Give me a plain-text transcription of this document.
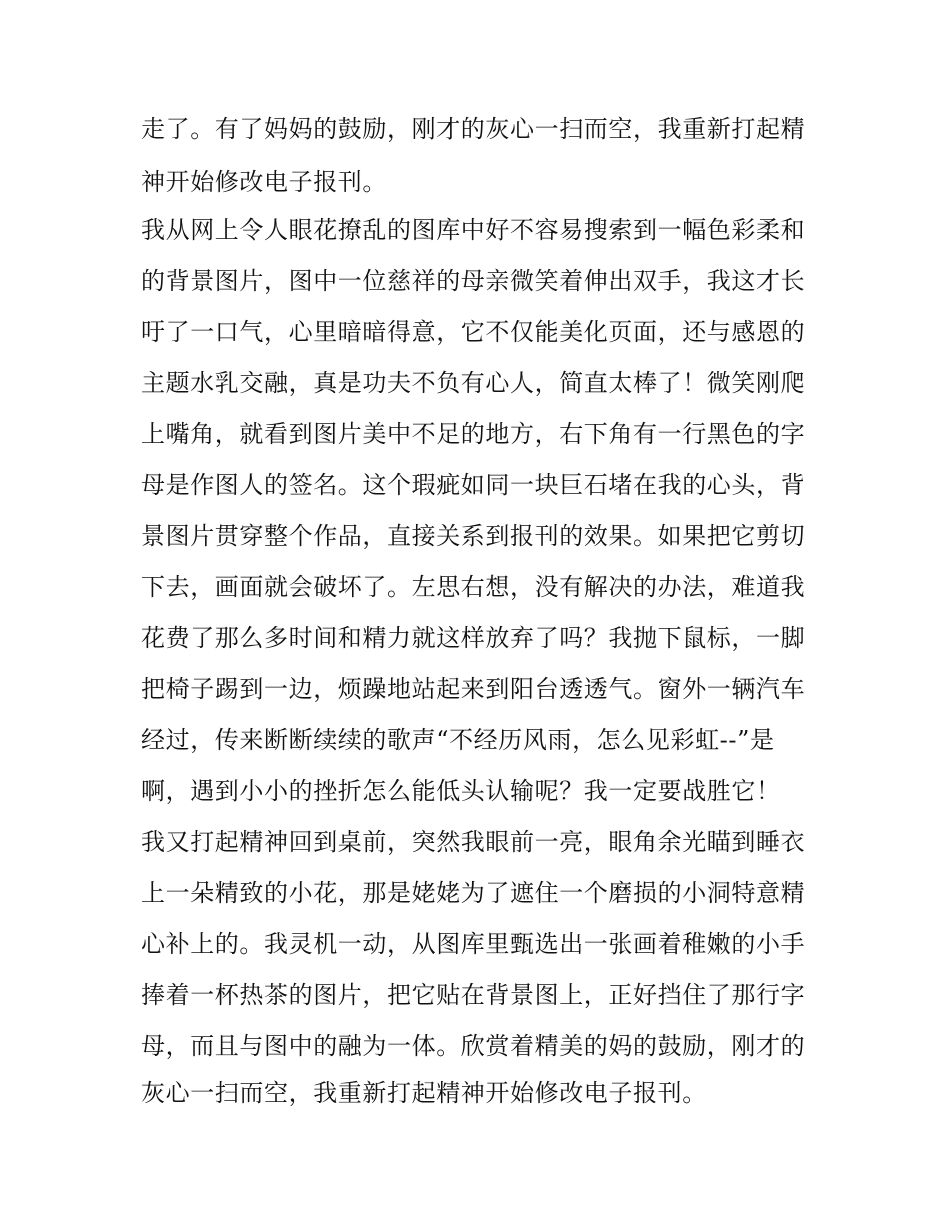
走了。有了妈妈的鼓励，刚才的灰心一扫而空，我重新打起精
神开始修改电子报刊。
我从网上令人眼花撩乱的图库中好不容易搜索到一幅色彩柔和
的背景图片，图中一位慈祥的母亲微笑着伸出双手，我这才长
吁了一口气，心里暗暗得意，它不仅能美化页面，还与感恩的
主题水乳交融，真是功夫不负有心人，简直太棒了！微笑刚爬
上嘴角，就看到图片美中不足的地方，右下角有一行黑色的字
母是作图人的签名。这个瑕疵如同一块巨石堵在我的心头，背
景图片贯穿整个作品，直接关系到报刊的效果。如果把它剪切
下去，画面就会破坏了。左思右想，没有解决的办法，难道我
花费了那么多时间和精力就这样放弃了吗？我抛下鼠标，一脚
把椅子踢到一边，烦躁地站起来到阳台透透气。窗外一辆汽车
经过，传来断断续续的歌声“不经历风雨，怎么见彩虹--”是
啊，遇到小小的挫折怎么能低头认输呢？我一定要战胜它！
我又打起精神回到桌前，突然我眼前一亮，眼角余光瞄到睡衣
上一朵精致的小花，那是姥姥为了遮住一个磨损的小洞特意精
心补上的。我灵机一动，从图库里甄选出一张画着稚嫩的小手
捧着一杯热茶的图片，把它贴在背景图上，正好挡住了那行字
母，而且与图中的融为一体。欣赏着精美的妈的鼓励，刚才的
灰心一扫而空，我重新打起精神开始修改电子报刊。
